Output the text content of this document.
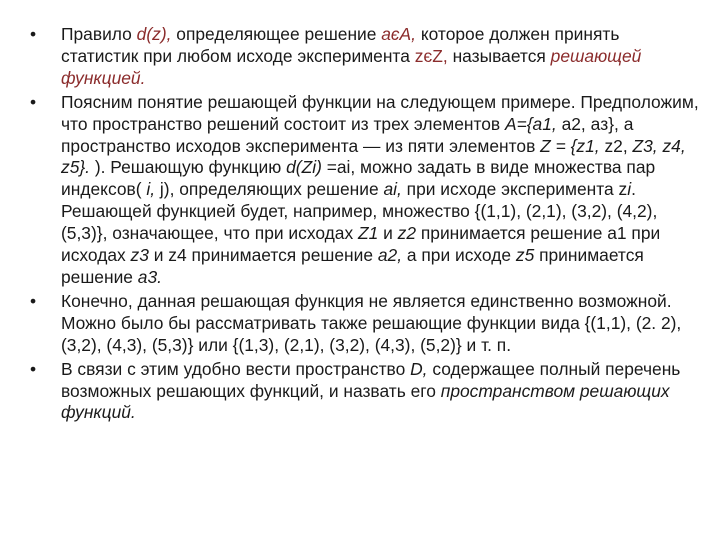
•	Правило d(z), определяющее решение aєA, которое должен принять статистик при любом исходе эксперимента zєZ, называется решающей функцией.
•	Поясним понятие решающей функции на следующем примере. Предположим, что пространство решений состоит из трех элементов A={a1, a2, aз}, а пространство исходов эксперимента — из пяти элементов Z = {z1, z2, Z3, z4, z5}. ). Решающую функцию d(Zi) =ai, можно задать в виде множества пар индексов( i, j), определяющих решение ai, при исходе эксперимента zi. Решающей функцией будет, например, множество {(1,1), (2,1), (3,2), (4,2), (5,3)}, означающее, что при исходах Z1 и z2 принимается решение a1 при исходах z3 и z4 принимается решение a2, а при исходе z5 принимается решение a3.
•	Конечно, данная решающая функция не является единственно возможной. Можно было бы рассматривать также решающие функции вида {(1,1), (2. 2), (3,2), (4,3), (5,3)} или {(1,3), (2,1), (3,2), (4,3), (5,2)} и т. п.
•	В связи с этим удобно вести пространство D, содержащее полный перечень возможных решающих функций, и назвать его пространством решающих функций.
